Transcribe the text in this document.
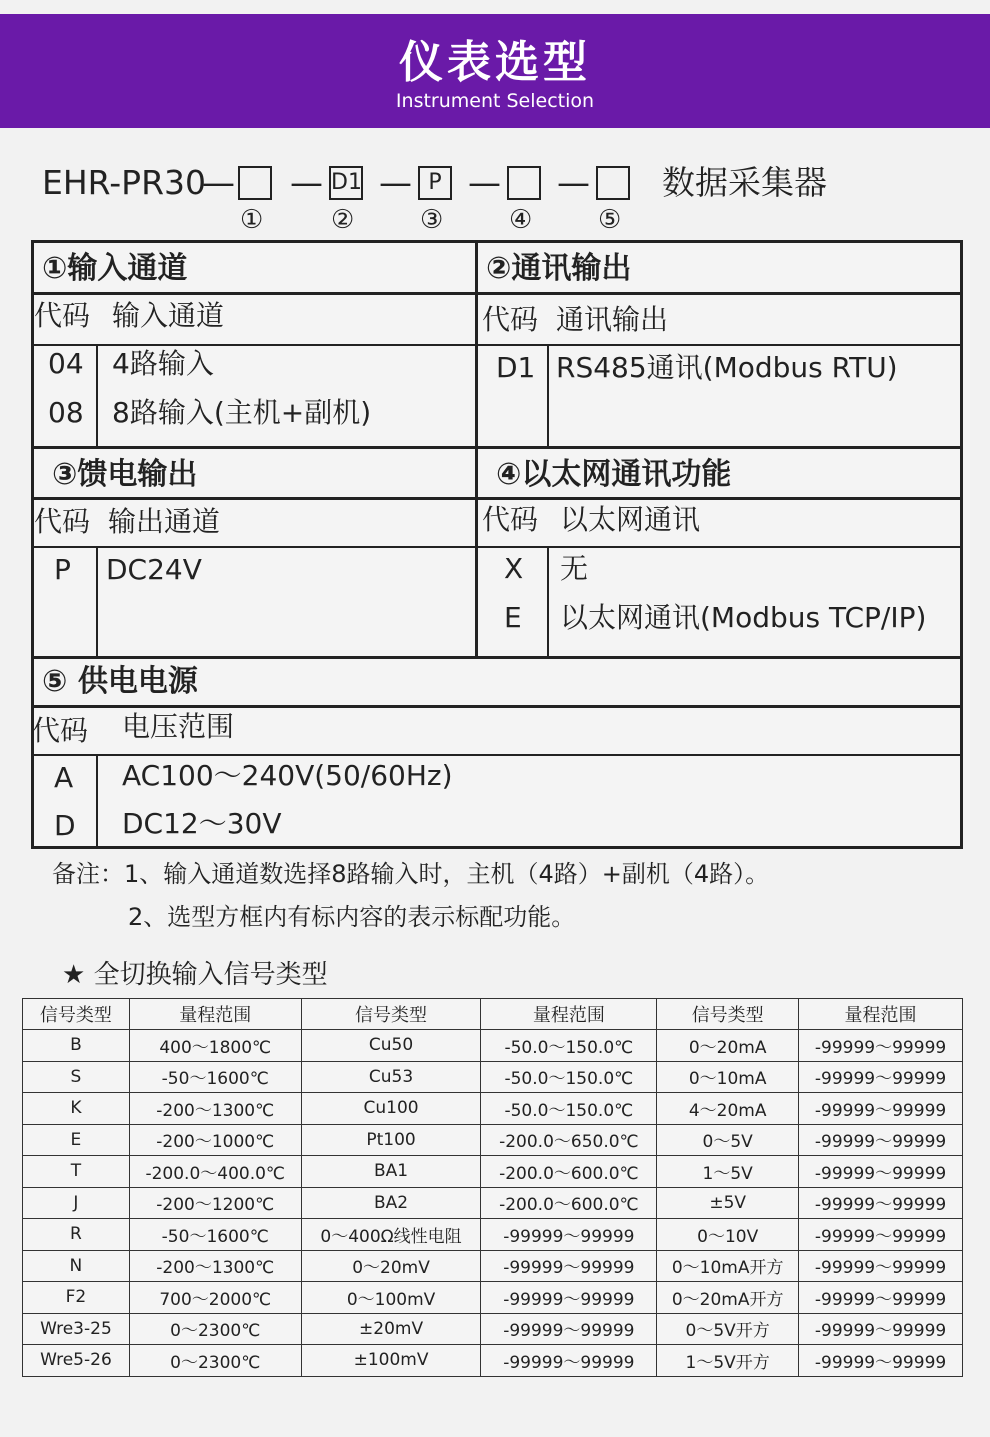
仪表选型
Instrument Selection
EHR-PR30
— — D1 — P — — 数据采集器
①	②	③	④	⑤
①输入通道
代码 输入通道
04 4路输入
08 8路输入(主机+副机)
②通讯输出
代码 通讯输出
D1 RS485通讯(Modbus RTU)
③馈电输出
代码 输出通道
P DC24V
④以太网通讯功能
代码 以太网通讯
X 无
E 以太网通讯(Modbus TCP/IP)
⑤ 供电电源
代码 电压范围
A AC100～240V(50/60Hz)
D DC12～30V
备注：1、输入通道数选择8路输入时，主机（4路）+副机（4路）。
2、选型方框内有标内容的表示标配功能。
★ 全切换输入信号类型
信号类型	量程范围	信号类型	量程范围	信号类型	量程范围
B	400～1800℃	Cu50	-50.0～150.0℃	0～20mA	-99999～99999
S	-50～1600℃	Cu53	-50.0～150.0℃	0～10mA	-99999～99999
K	-200～1300℃	Cu100	-50.0～150.0℃	4～20mA	-99999～99999
E	-200～1000℃	Pt100	-200.0～650.0℃	0～5V	-99999～99999
T	-200.0～400.0℃	BA1	-200.0～600.0℃	1～5V	-99999～99999
J	-200～1200℃	BA2	-200.0～600.0℃	±5V	-99999～99999
R	-50～1600℃	0～400Ω线性电阻	-99999～99999	0～10V	-99999～99999
N	-200～1300℃	0～20mV	-99999～99999	0～10mA开方	-99999～99999
F2	700～2000℃	0～100mV	-99999～99999	0～20mA开方	-99999～99999
Wre3-25	0～2300℃	±20mV	-99999～99999	0～5V开方	-99999～99999
Wre5-26	0～2300℃	±100mV	-99999～99999	1～5V开方	-99999～99999
